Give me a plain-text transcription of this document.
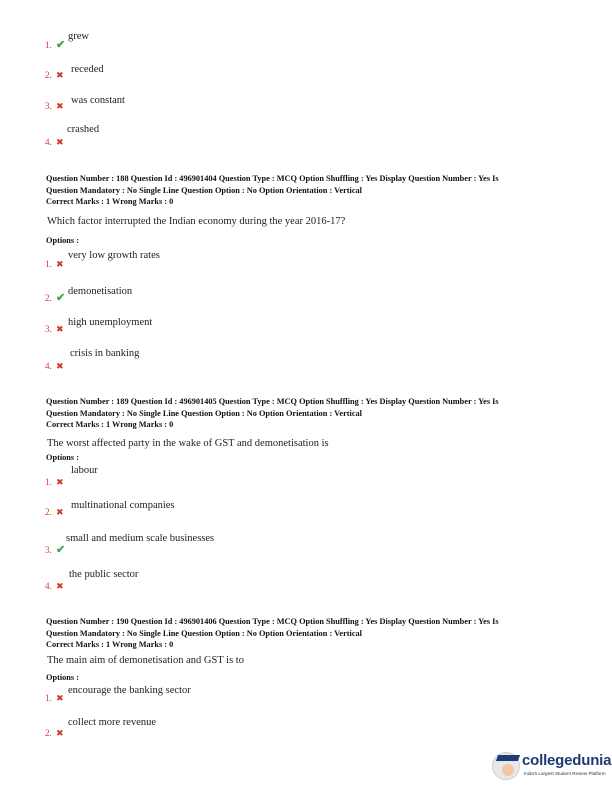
1. ✔
grew
2. ✖ receded
3. ✖ was constant
4. ✖
crashed
Question Number : 188 Question Id : 496901404 Question Type : MCQ Option Shuffling : Yes Display Question Number : Yes Is
Question Mandatory : No Single Line Question Option : No Option Orientation : Vertical
Correct Marks : 1 Wrong Marks : 0
Which factor interrupted the Indian economy during the year 2016-17?
Options :
1. ✖
very low growth rates
2. ✔
demonetisation
3. ✖
high unemployment
4. ✖
crisis in banking
Question Number : 189 Question Id : 496901405 Question Type : MCQ Option Shuffling : Yes Display Question Number : Yes Is
Question Mandatory : No Single Line Question Option : No Option Orientation : Vertical
Correct Marks : 1 Wrong Marks : 0
The worst affected party in the wake of GST and demonetisation is
Options :
1. ✖
labour
2. ✖
multinational companies
3. ✔
small and medium scale businesses
4. ✖
the public sector
Question Number : 190 Question Id : 496901406 Question Type : MCQ Option Shuffling : Yes Display Question Number : Yes Is
Question Mandatory : No Single Line Question Option : No Option Orientation : Vertical
Correct Marks : 1 Wrong Marks : 0
The main aim of demonetisation and GST is to
Options :
1. ✖
encourage the banking sector
2. ✖
collect more revenue
collegedunia
India's Largest Student Review Platform
